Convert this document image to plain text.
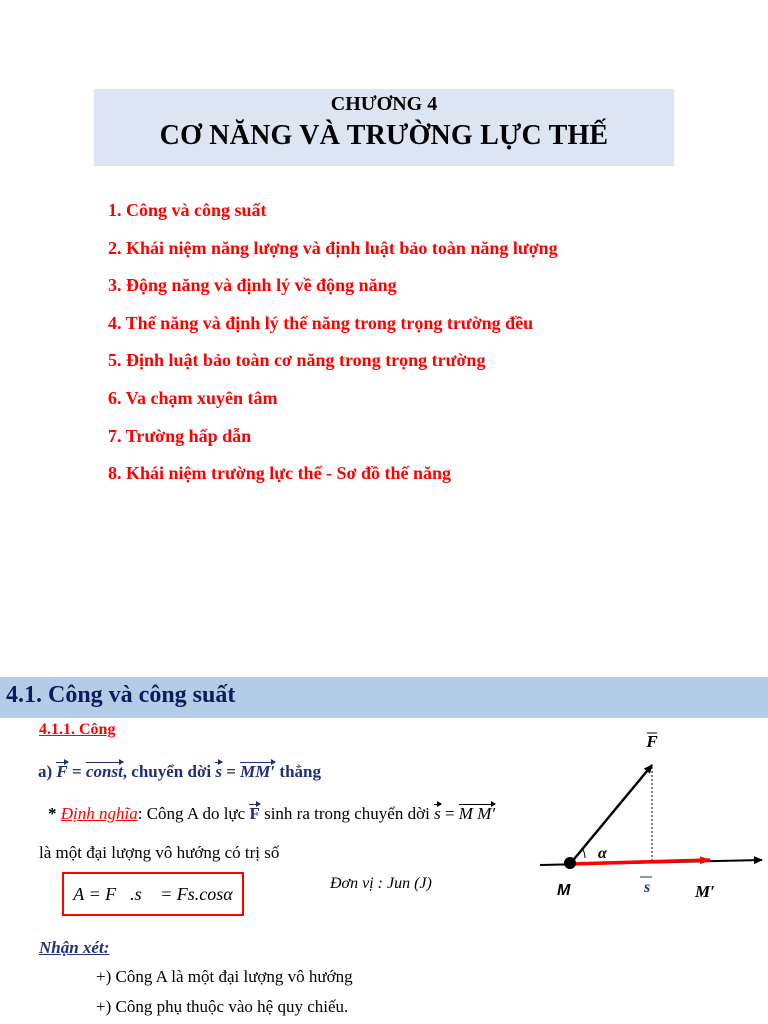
CHƯƠNG 4
CƠ NĂNG VÀ TRƯỜNG LỰC THẾ
1. Công và công suất
2. Khái niệm năng lượng và định luật bảo toàn năng lượng
3. Động năng và định lý về động năng
4. Thế năng và định lý thế năng trong trọng trường đều
5. Định luật bảo toàn cơ năng trong trọng trường
6. Va chạm xuyên tâm
7. Trường hấp dẫn
8. Khái niệm trường lực thế - Sơ đồ thế năng
4.1. Công và công suất
4.1.1. Công
a) F = const, chuyển dời s = MM′ thẳng
* Định nghĩa: Công A do lực F sinh ra trong chuyển dời s = M M′
là một đại lượng vô hướng có trị số
A = F⃗.s⃗ = Fs.cosα
Đơn vị : Jun (J)
Nhận xét:
+) Công A là một đại lượng vô hướng
+) Công phụ thuộc vào hệ quy chiếu.
F
α
M	s	M′
